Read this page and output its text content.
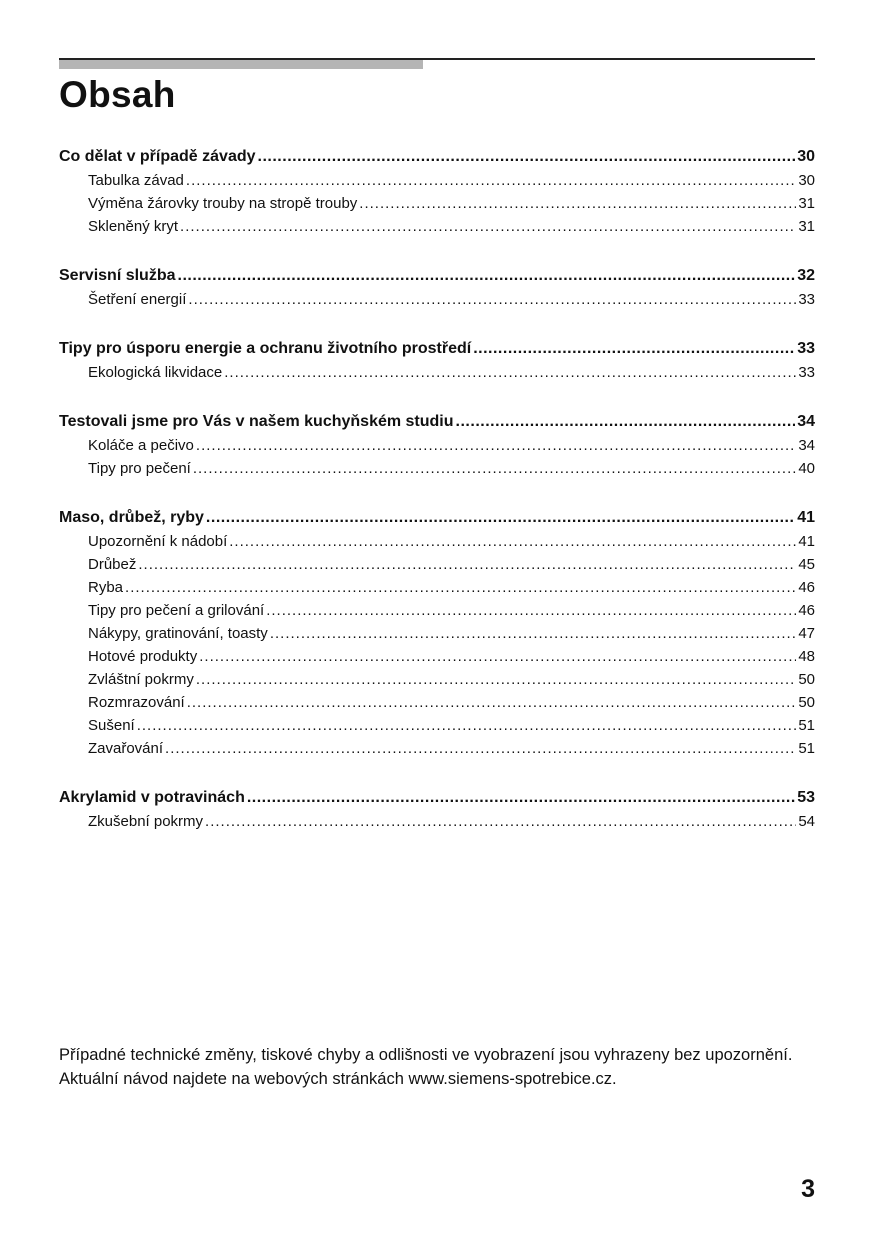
Obsah
Co dělat v případě závady .....	30
Tabulka závad .....	30
Výměna žárovky trouby na stropě trouby .....	31
Skleněný kryt .....	31
Servisní služba .....	32
Šetření energií .....	33
Tipy pro úsporu energie a ochranu životního prostředí .....	33
Ekologická likvidace .....	33
Testovali jsme pro Vás v našem kuchyňském studiu .....	34
Koláče a pečivo .....	34
Tipy pro pečení .....	40
Maso, drůbež, ryby .....	41
Upozornění k nádobí .....	41
Drůbež .....	45
Ryba .....	46
Tipy pro pečení a grilování .....	46
Nákypy, gratinování, toasty .....	47
Hotové produkty .....	48
Zvláštní pokrmy .....	50
Rozmrazování .....	50
Sušení .....	51
Zavařování .....	51
Akrylamid v potravinách .....	53
Zkušební pokrmy .....	54

Případné technické změny, tiskové chyby a odlišnosti ve vyobrazení jsou vyhrazeny bez upozornění. Aktuální návod najdete na webových stránkách www.siemens-spotrebice.cz.

3
